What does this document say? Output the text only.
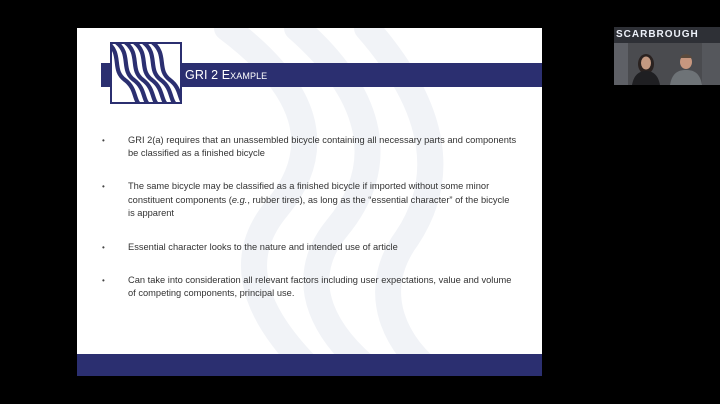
GRI 2 Example
• GRI 2(a) requires that an unassembled bicycle containing all necessary parts and components be classified as a finished bicycle
• The same bicycle may be classified as a finished bicycle if imported without some minor constituent components (e.g., rubber tires), as long as the “essential character” of the bicycle is apparent
• Essential character looks to the nature and intended use of article
• Can take into consideration all relevant factors including user expectations, value and volume of competing components, principal use.
SCARBROUGH
